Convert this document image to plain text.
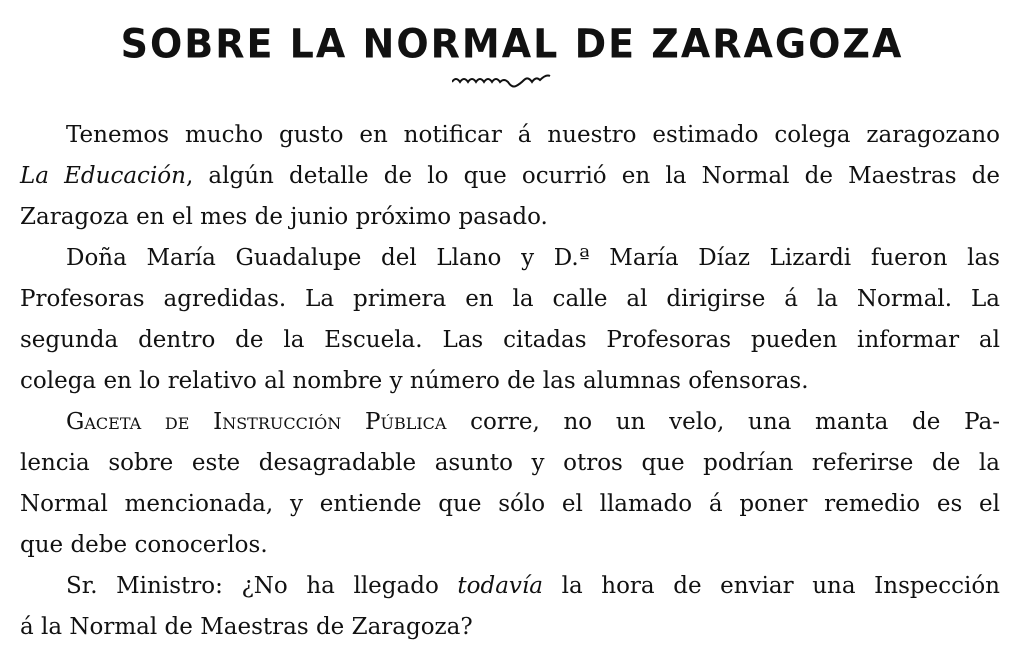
SOBRE LA NORMAL DE ZARAGOZA
Tenemos mucho gusto en notificar á nuestro estimado colega zaragozano
La Educación, algún detalle de lo que ocurrió en la Normal de Maestras de
Zaragoza en el mes de junio próximo pasado.
Doña María Guadalupe del Llano y D.ª María Díaz Lizardi fueron las
Profesoras agredidas. La primera en la calle al dirigirse á la Normal. La
segunda dentro de la Escuela. Las citadas Profesoras pueden informar al
colega en lo relativo al nombre y número de las alumnas ofensoras.
Gaceta de Instrucción Pública corre, no un velo, una manta de Pa-
lencia sobre este desagradable asunto y otros que podrían referirse de la
Normal mencionada, y entiende que sólo el llamado á poner remedio es el
que debe conocerlos.
Sr. Ministro: ¿No ha llegado todavía la hora de enviar una Inspección
á la Normal de Maestras de Zaragoza?
